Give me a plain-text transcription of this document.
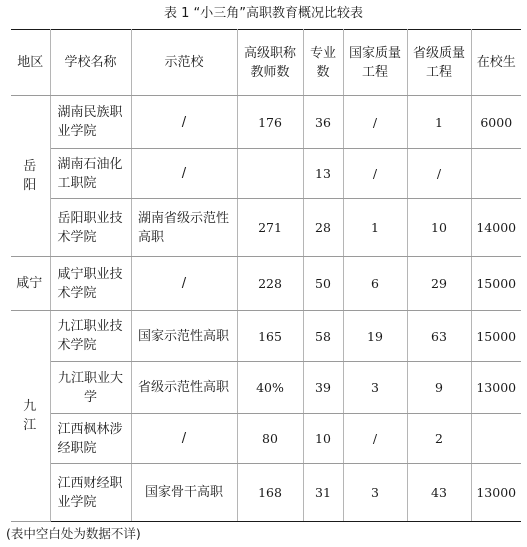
表 1 “小三角”高职教育概况比较表
地区	学校名称	示范校	高级职称教师数	专业数	国家质量工程	省级质量工程	在校生
岳阳	湖南民族职业学院	/	176	36	/	1	6000
	湖南石油化工职院	/		13	/	/	
	岳阳职业技术学院	湖南省级示范性高职	271	28	1	10	14000
咸宁	咸宁职业技术学院	/	228	50	6	29	15000
九江	九江职业技术学院	国家示范性高职	165	58	19	63	15000
	九江职业大学	省级示范性高职	40%	39	3	9	13000
	江西枫林涉经职院	/	80	10	/	2	
	江西财经职业学院	国家骨干高职	168	31	3	43	13000
(表中空白处为数据不详)
